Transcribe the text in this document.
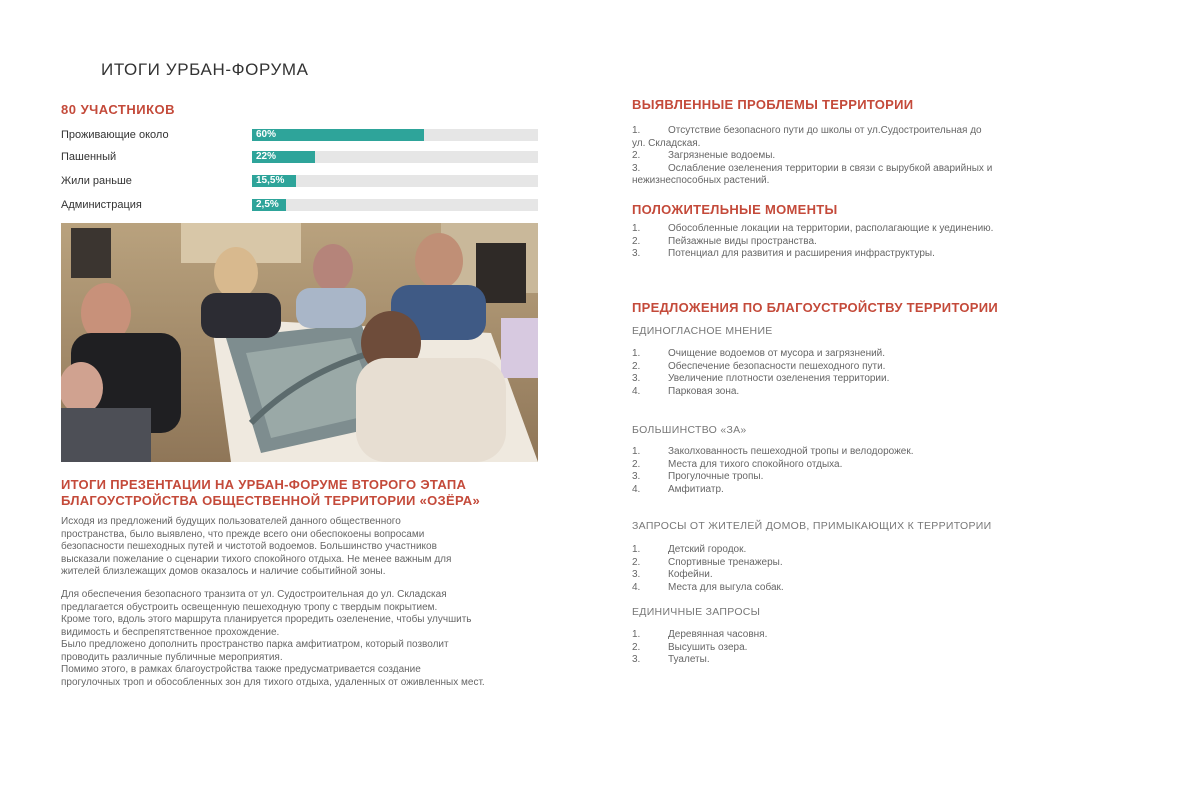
ИТОГИ УРБАН-ФОРУМА
80 УЧАСТНИКОВ
Проживающие около	60%
Пашенный	22%
Жили раньше	15,5%
Администрация	2,5%
ИТОГИ ПРЕЗЕНТАЦИИ НА УРБАН-ФОРУМЕ ВТОРОГО ЭТАПА
БЛАГОУСТРОЙСТВА ОБЩЕСТВЕННОЙ ТЕРРИТОРИИ «ОЗЁРА»
Исходя из предложений будущих пользователей данного общественного
пространства, было выявлено, что прежде всего они обеспокоены вопросами
безопасности пешеходных путей и чистотой водоемов. Большинство участников
высказали пожелание о сценарии тихого спокойного отдыха. Не менее важным для
жителей близлежащих домов оказалось и наличие событийной зоны.
Для обеспечения безопасного транзита от ул. Судостроительная до ул. Складская
предлагается обустроить освещенную пешеходную тропу с твердым покрытием.
Кроме того, вдоль этого маршрута планируется проредить озеленение, чтобы улучшить
видимость и беспрепятственное прохождение.
Было предложено дополнить пространство парка амфитиатром, который позволит
проводить различные публичные мероприятия.
Помимо этого, в рамках благоустройства также предусматривается создание
прогулочных троп и обособленных зон для тихого отдыха, удаленных от оживленных мест.
ВЫЯВЛЕННЫЕ ПРОБЛЕМЫ ТЕРРИТОРИИ
1.	Отсутствие безопасного пути до школы от ул.Судостроительная до
ул. Складская.
2.	Загрязненые водоемы.
3.	Ослабление озеленения территории в связи с вырубкой аварийных и
нежизнеспособных растений.
ПОЛОЖИТЕЛЬНЫЕ МОМЕНТЫ
1.	Обособленные локации на территории, располагающие к уединению.
2.	Пейзажные виды пространства.
3.	Потенциал для развития и расширения инфраструктуры.
ПРЕДЛОЖЕНИЯ ПО БЛАГОУСТРОЙСТВУ ТЕРРИТОРИИ
ЕДИНОГЛАСНОЕ МНЕНИЕ
1.	Очищение водоемов от мусора и загрязнений.
2.	Обеспечение безопасности пешеходного пути.
3.	Увеличение плотности озеленения территории.
4.	Парковая зона.
БОЛЬШИНСТВО «ЗА»
1.	Заколхованность пешеходной тропы и велодорожек.
2.	Места для тихого спокойного отдыха.
3.	Прогулочные тропы.
4.	Амфитиатр.
ЗАПРОСЫ ОТ ЖИТЕЛЕЙ ДОМОВ, ПРИМЫКАЮЩИХ К ТЕРРИТОРИИ
1.	Детский городок.
2.	Спортивные тренажеры.
3.	Кофейни.
4.	Места для выгула собак.
ЕДИНИЧНЫЕ ЗАПРОСЫ
1.	Деревянная часовня.
2.	Высушить озера.
3.	Туалеты.
